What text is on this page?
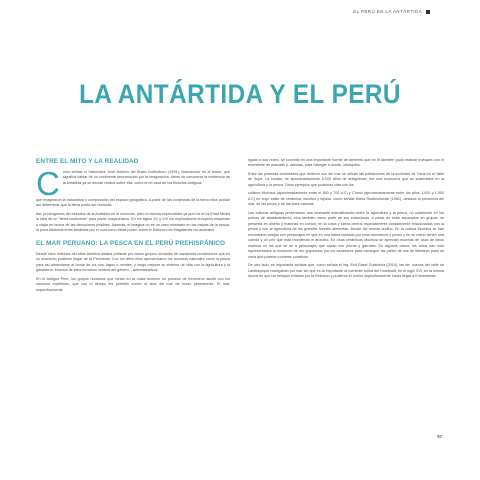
EL PERÚ EN LA ANTÁRTIDA
LA ANTÁRTIDA Y EL PERÚ
ENTRE EL MITO Y LA REALIDAD
C omo señala el historiador José Antonio del Busto Duthurburu (1991), desconocer es al temor, que significa hablar de un continente desconocido por la imaginación. Antes de conocerse la existencia de la Antártida ya se decían relatos sobre ella, como en el caso de los filósofos antiguos

que imaginaron la naturaleza y composición del espacio geográfico. A partir de las conjeturas de la tierra ellos podían así determinar que la tierra podía ser redonda.

Así, prolongamos del estudios de la Antártida no le conocían, pero la ciencia especulativa ya que los en la Edad Media la idea de un "tierra continente" para poder sospecharon. En los siglos XV y XVI los exploradores europeos empiezan a viajar en busca de las direcciones posibles. Además, el imagina no es un caso mostrado en las mapas de la época, la poca distancia entre Antártida por el cual como estás poder, sobre el Estrecho de Magallanes los australes.

EL MAR PERUANO: LA PESCA EN EL PERÚ PREHISPÁNICO

Desde hace millones del años América estaba poblada por varios grupos nómades de cazadores-recolectores que en su momento pudieron llegar de la Península. Con los años ellos aprovecharon los recursos naturales como la pesca para así alimentarse al borde de los ríos, lagos o montes, y luego mejorar su sistema de vida con la agricultura y la ganadería. Muchos de ellos formaron centros del género – administrativos.

En el Antiguo Perú, los grupos humanos que vivían en la costa tuvieron un proceso de fenómeno ascitó con los recursos marítimos, que con el tiempo les permitió crecer al lado del mar de modo permanente. El mar, específicamente

ligado a sus redes, se convirtió en una importante fuente de alimento que en él también pudo realizar trueques con el excedente de pescado y, además, para navegar a donde, inhóspitos.

Entre las primeras sociedades que tuvieron uso del mar se ubican las poblaciones de la sociedad de Caral en el Valle de Supe. La ciudad, de aproximadamente 5,000 años de antigüedad, fue una economía que se sustentaba en la agricultura y la pesca. Otros ejemplos que podemos citar son los

cultivos Mochica (aproximadamente entre el 800 y 700 d.C) y Chimú (aproximadamente entre los años 1,000 y 1,500 d.C) en cuyo estilo de cerámica, escritos y tejidos, como señala María Rostworowski (1981), destaca la presencia del mar, de las peces y de las aves marinas.

Las culturas antiguas presentaron una incesante intensificación entre la agricultura y la pesca, no solamente en los pobres de abastecimiento, sino también como parte de sus estructuras, a pesar de estar separados en grupos, se presenta en diseño y materias en común; en la costa y sierra central especialmente duradamente relacionadas con la pesca y con la agricultura de los grandes fuentes alimentan. Desde del mundo andino. En la cultura Mochica se han encontrado vasijas con personajes en que en una balsa rodeada por esos monstruos y pozos y en su mano tienen una cuerda y un pez que está mordiendo el anzuelo. En otras cerámicas Mochica se aprecian escenas de caza de lobos marinos en las que se ve a personajes que cazan con porras y garrotes. En algunos casos, los lobos han sido representados al momento de ser golpeados por los cazadores para conseguir las pieles de sus de liberarse pues se creía que poseían poderes curativos.

De otro lado, es importante señalar que, como señala el Ing. Enil Gasel Guisimina (2010), las de: nuevos del valle de Lambayeque navegaban por mar sin que es la importante la corriente turina del Humboldt, en el siglo XVI, en la misma época en que los tiempos existían por la Rebusco y pudieron el rumbo específicamente hasta llegar a Entrambeda.

97
